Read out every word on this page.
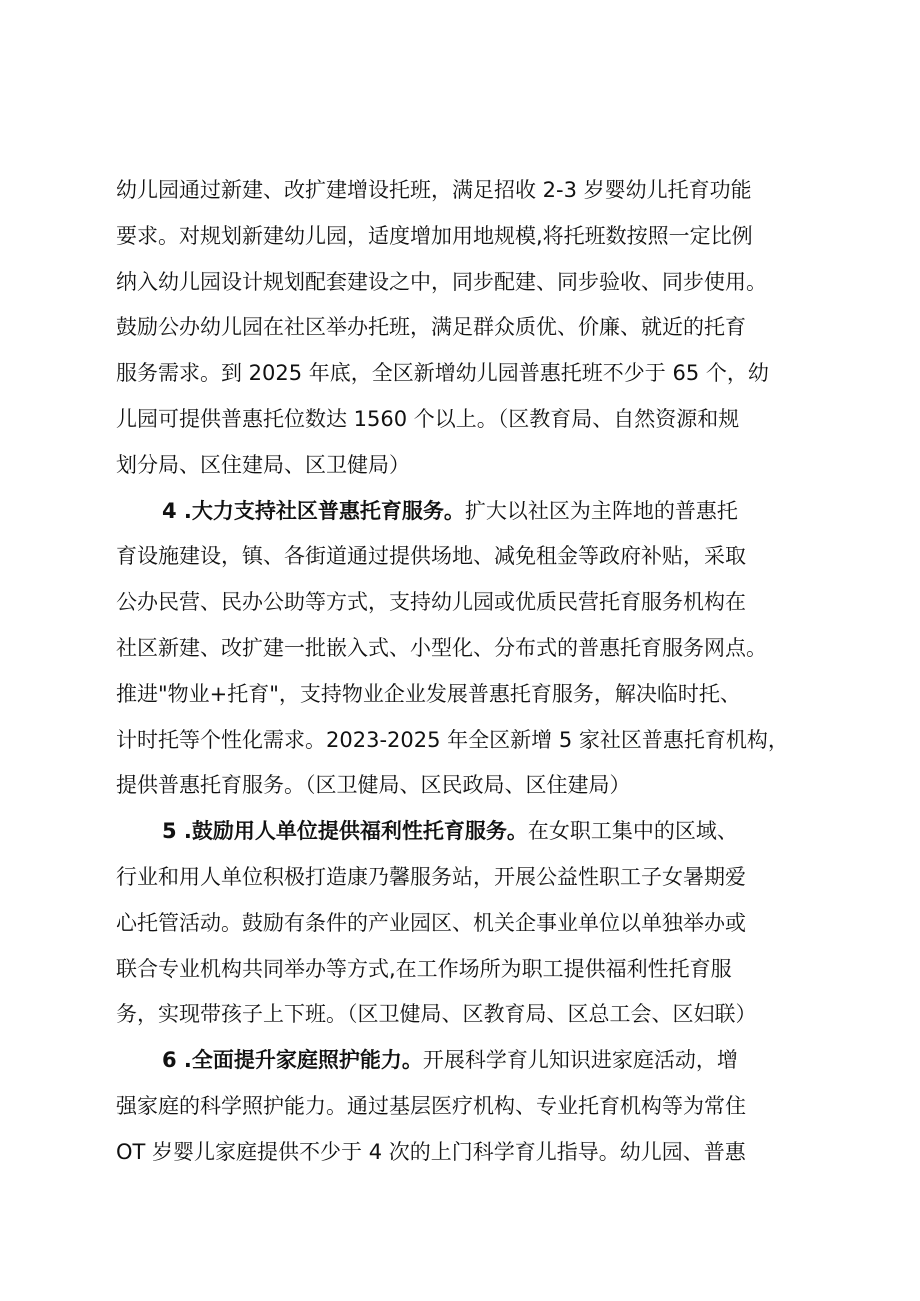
幼儿园通过新建、改扩建增设托班，满足招收 2-3 岁婴幼儿托育功能
要求。对规划新建幼儿园，适度增加用地规模,将托班数按照一定比例
纳入幼儿园设计规划配套建设之中，同步配建、同步验收、同步使用。
鼓励公办幼儿园在社区举办托班，满足群众质优、价廉、就近的托育
服务需求。到 2025 年底，全区新增幼儿园普惠托班不少于 65 个，幼
儿园可提供普惠托位数达 1560 个以上。（区教育局、自然资源和规
划分局、区住建局、区卫健局）
4 .大力支持社区普惠托育服务。扩大以社区为主阵地的普惠托
育设施建设，镇、各街道通过提供场地、减免租金等政府补贴，采取
公办民营、民办公助等方式，支持幼儿园或优质民营托育服务机构在
社区新建、改扩建一批嵌入式、小型化、分布式的普惠托育服务网点。
推进"物业+托育"，支持物业企业发展普惠托育服务，解决临时托、
计时托等个性化需求。2023-2025 年全区新增 5 家社区普惠托育机构，
提供普惠托育服务。（区卫健局、区民政局、区住建局）
5 .鼓励用人单位提供福利性托育服务。在女职工集中的区域、
行业和用人单位积极打造康乃馨服务站，开展公益性职工子女暑期爱
心托管活动。鼓励有条件的产业园区、机关企事业单位以单独举办或
联合专业机构共同举办等方式,在工作场所为职工提供福利性托育服
务，实现带孩子上下班。（区卫健局、区教育局、区总工会、区妇联）
6 .全面提升家庭照护能力。开展科学育儿知识进家庭活动，增
强家庭的科学照护能力。通过基层医疗机构、专业托育机构等为常住
OT 岁婴儿家庭提供不少于 4 次的上门科学育儿指导。幼儿园、普惠
